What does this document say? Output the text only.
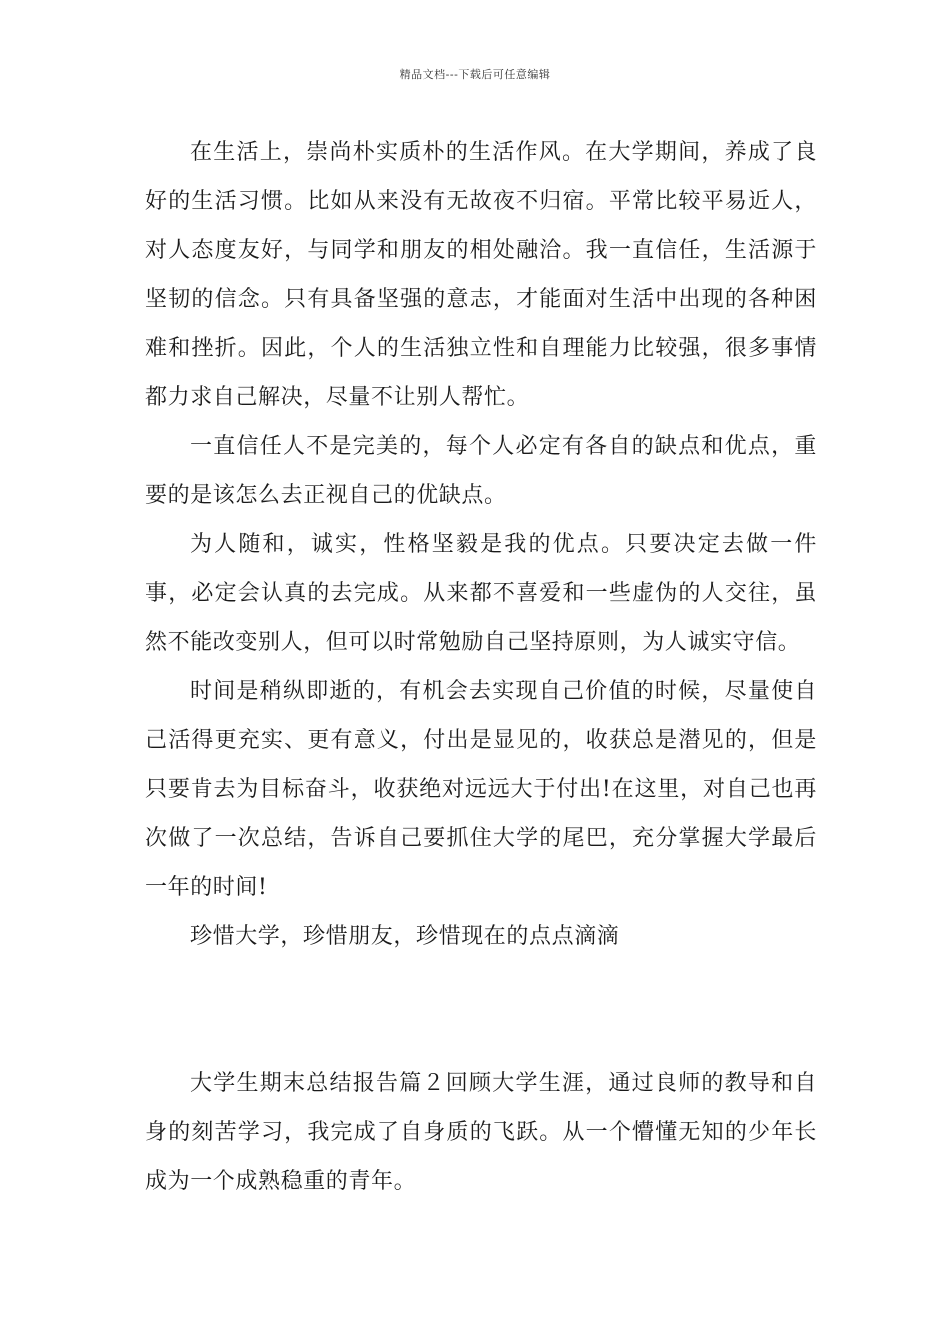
精品文档---下载后可任意编辑

在生活上，崇尚朴实质朴的生活作风。在大学期间，养成了良好的生活习惯。比如从来没有无故夜不归宿。平常比较平易近人，对人态度友好，与同学和朋友的相处融洽。我一直信任，生活源于坚韧的信念。只有具备坚强的意志，才能面对生活中出现的各种困难和挫折。因此，个人的生活独立性和自理能力比较强，很多事情都力求自己解决，尽量不让别人帮忙。

一直信任人不是完美的，每个人必定有各自的缺点和优点，重要的是该怎么去正视自己的优缺点。

为人随和，诚实，性格坚毅是我的优点。只要决定去做一件事，必定会认真的去完成。从来都不喜爱和一些虚伪的人交往，虽然不能改变别人，但可以时常勉励自己坚持原则，为人诚实守信。

时间是稍纵即逝的，有机会去实现自己价值的时候，尽量使自己活得更充实、更有意义，付出是显见的，收获总是潜见的，但是只要肯去为目标奋斗，收获绝对远远大于付出!在这里，对自己也再次做了一次总结，告诉自己要抓住大学的尾巴，充分掌握大学最后一年的时间!

珍惜大学，珍惜朋友，珍惜现在的点点滴滴

大学生期末总结报告篇２回顾大学生涯，通过良师的教导和自身的刻苦学习，我完成了自身质的飞跃。从一个懵懂无知的少年长成为一个成熟稳重的青年。
